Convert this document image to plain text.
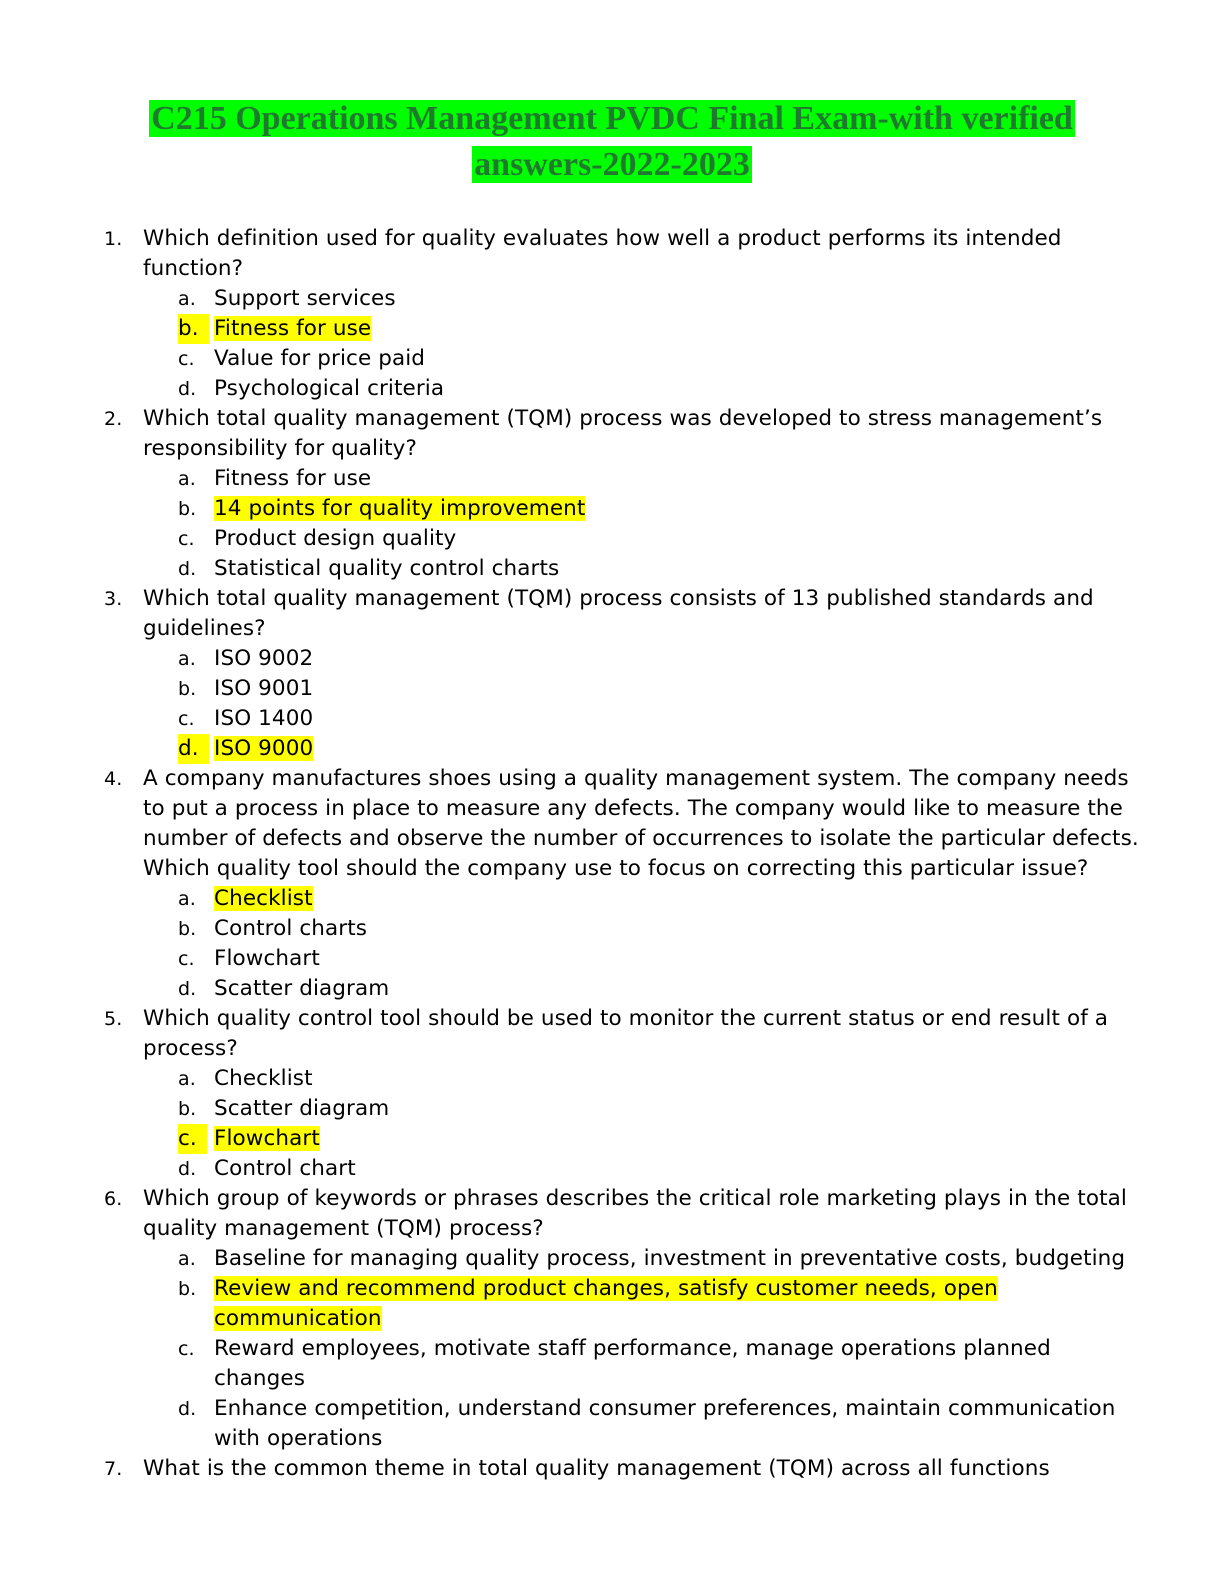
C215 Operations Management PVDC Final Exam-with verified
answers-2022-2023
1. Which definition used for quality evaluates how well a product performs its intended function?
a. Support services
b. Fitness for use
c. Value for price paid
d. Psychological criteria
2. Which total quality management (TQM) process was developed to stress management’s responsibility for quality?
a. Fitness for use
b. 14 points for quality improvement
c. Product design quality
d. Statistical quality control charts
3. Which total quality management (TQM) process consists of 13 published standards and guidelines?
a. ISO 9002
b. ISO 9001
c. ISO 1400
d. ISO 9000
4. A company manufactures shoes using a quality management system. The company needs to put a process in place to measure any defects. The company would like to measure the number of defects and observe the number of occurrences to isolate the particular defects. Which quality tool should the company use to focus on correcting this particular issue?
a. Checklist
b. Control charts
c. Flowchart
d. Scatter diagram
5. Which quality control tool should be used to monitor the current status or end result of a process?
a. Checklist
b. Scatter diagram
c. Flowchart
d. Control chart
6. Which group of keywords or phrases describes the critical role marketing plays in the total quality management (TQM) process?
a. Baseline for managing quality process, investment in preventative costs, budgeting
b. Review and recommend product changes, satisfy customer needs, open communication
c. Reward employees, motivate staff performance, manage operations planned changes
d. Enhance competition, understand consumer preferences, maintain communication with operations
7. What is the common theme in total quality management (TQM) across all functions
